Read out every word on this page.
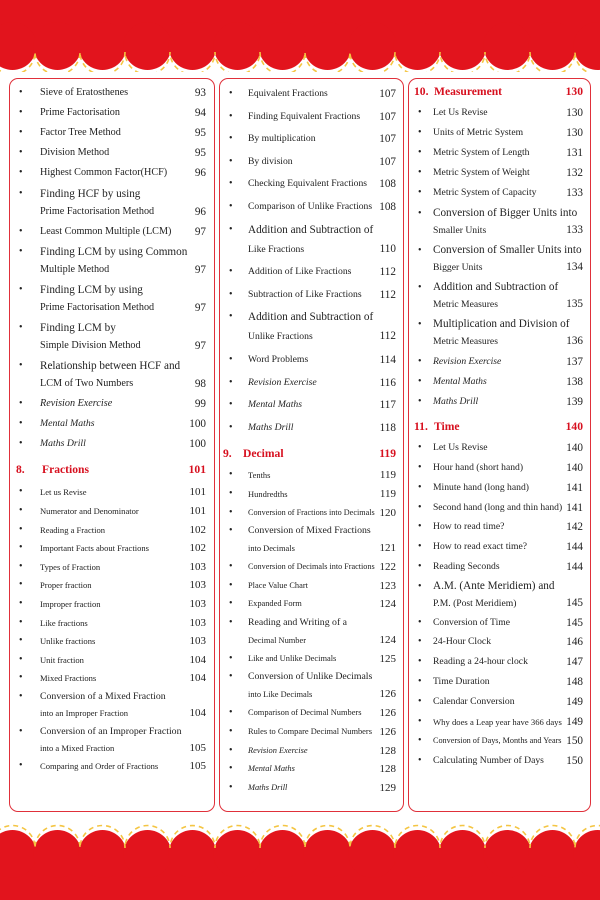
• Sieve of Eratosthenes	93
• Prime Factorisation	94
• Factor Tree Method	95
• Division Method	95
• Highest Common Factor(HCF)	96
• Finding HCF by using
Prime Factorisation Method	96
• Least Common Multiple (LCM)	97
• Finding LCM by using Common
Multiple Method	97
• Finding LCM by using
Prime Factorisation Method	97
• Finding LCM by
Simple Division Method	97
• Relationship between HCF and
LCM of Two Numbers	98
• Revision Exercise	99
• Mental Maths	100
• Maths Drill	100
8. Fractions	101
• Let us Revise	101
• Numerator and Denominator	101
• Reading a Fraction	102
• Important Facts about Fractions	102
• Types of Fraction	103
• Proper fraction	103
• Improper fraction	103
• Like fractions	103
• Unlike fractions	103
• Unit fraction	104
• Mixed Fractions	104
• Conversion of a Mixed Fraction
into an Improper Fraction	104
• Conversion of an Improper Fraction
into a Mixed Fraction	105
• Comparing and Order of Fractions	105
• Equivalent Fractions	107
• Finding Equivalent Fractions	107
• By multiplication	107
• By division	107
• Checking Equivalent Fractions	108
• Comparison of Unlike Fractions 108
• Addition and Subtraction of
Like Fractions	110
• Addition of Like Fractions	112
• Subtraction of Like Fractions	112
• Addition and Subtraction of
Unlike Fractions	112
• Word Problems	114
• Revision Exercise	116
• Mental Maths	117
• Maths Drill	118
9. Decimal	119
• Tenths	119
• Hundredths	119
• Conversion of Fractions into Decimals 120
• Conversion of Mixed Fractions
into Decimals	121
• Conversion of Decimals into Fractions 122
• Place Value Chart	123
• Expanded Form	124
• Reading and Writing of a
Decimal Number	124
• Like and Unlike Decimals	125
• Conversion of Unlike Decimals
into Like Decimals	126
• Comparison of Decimal Numbers	126
• Rules to Compare Decimal Numbers 126
• Revision Exercise	128
• Mental Maths	128
• Maths Drill	129
10. Measurement	130
• Let Us Revise	130
• Units of Metric System	130
• Metric System of Length	131
• Metric System of Weight	132
• Metric System of Capacity	133
• Conversion of Bigger Units into
Smaller Units	133
• Conversion of Smaller Units into
Bigger Units	134
• Addition and Subtraction of
Metric Measures	135
• Multiplication and Division of
Metric Measures	136
• Revision Exercise	137
• Mental Maths	138
• Maths Drill	139
11. Time	140
• Let Us Revise	140
• Hour hand (short hand)	140
• Minute hand (long hand)	141
• Second hand (long and thin hand) 141
• How to read time?	142
• How to read exact time?	144
• Reading Seconds	144
• A.M. (Ante Meridiem) and
P.M. (Post Meridiem)	145
• Conversion of Time	145
• 24-Hour Clock	146
• Reading a 24-hour clock	147
• Time Duration	148
• Calendar Conversion	149
• Why does a Leap year have 366 days 149
• Conversion of Days, Months and Years 150
• Calculating Number of Days	150
